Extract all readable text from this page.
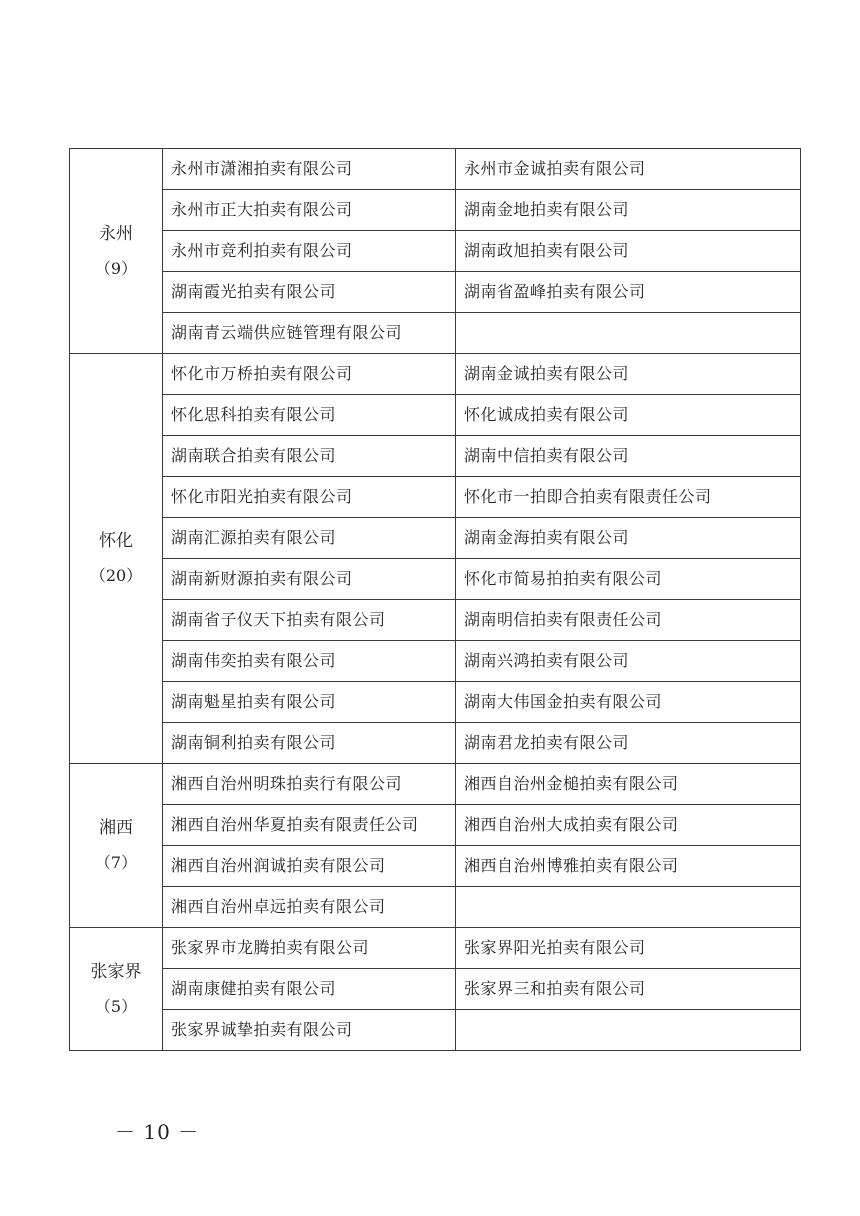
永州
（9）	永州市潇湘拍卖有限公司	永州市金诚拍卖有限公司
	永州市正大拍卖有限公司	湖南金地拍卖有限公司
	永州市竞利拍卖有限公司	湖南政旭拍卖有限公司
	湖南霞光拍卖有限公司	湖南省盈峰拍卖有限公司
	湖南青云端供应链管理有限公司	

怀化
（20）	怀化市万桥拍卖有限公司	湖南金诚拍卖有限公司
	怀化思科拍卖有限公司	怀化诚成拍卖有限公司
	湖南联合拍卖有限公司	湖南中信拍卖有限公司
	怀化市阳光拍卖有限公司	怀化市一拍即合拍卖有限责任公司
	湖南汇源拍卖有限公司	湖南金海拍卖有限公司
	湖南新财源拍卖有限公司	怀化市简易拍拍卖有限公司
	湖南省子仪天下拍卖有限公司	湖南明信拍卖有限责任公司
	湖南伟奕拍卖有限公司	湖南兴鸿拍卖有限公司
	湖南魁星拍卖有限公司	湖南大伟国金拍卖有限公司
	湖南铜利拍卖有限公司	湖南君龙拍卖有限公司

湘西
（7）	湘西自治州明珠拍卖行有限公司	湘西自治州金槌拍卖有限公司
	湘西自治州华夏拍卖有限责任公司	湘西自治州大成拍卖有限公司
	湘西自治州润诚拍卖有限公司	湘西自治州博雅拍卖有限公司
	湘西自治州卓远拍卖有限公司	

张家界
（5）	张家界市龙腾拍卖有限公司	张家界阳光拍卖有限公司
	湖南康健拍卖有限公司	张家界三和拍卖有限公司
	张家界诚挚拍卖有限公司	
－ 10 －
